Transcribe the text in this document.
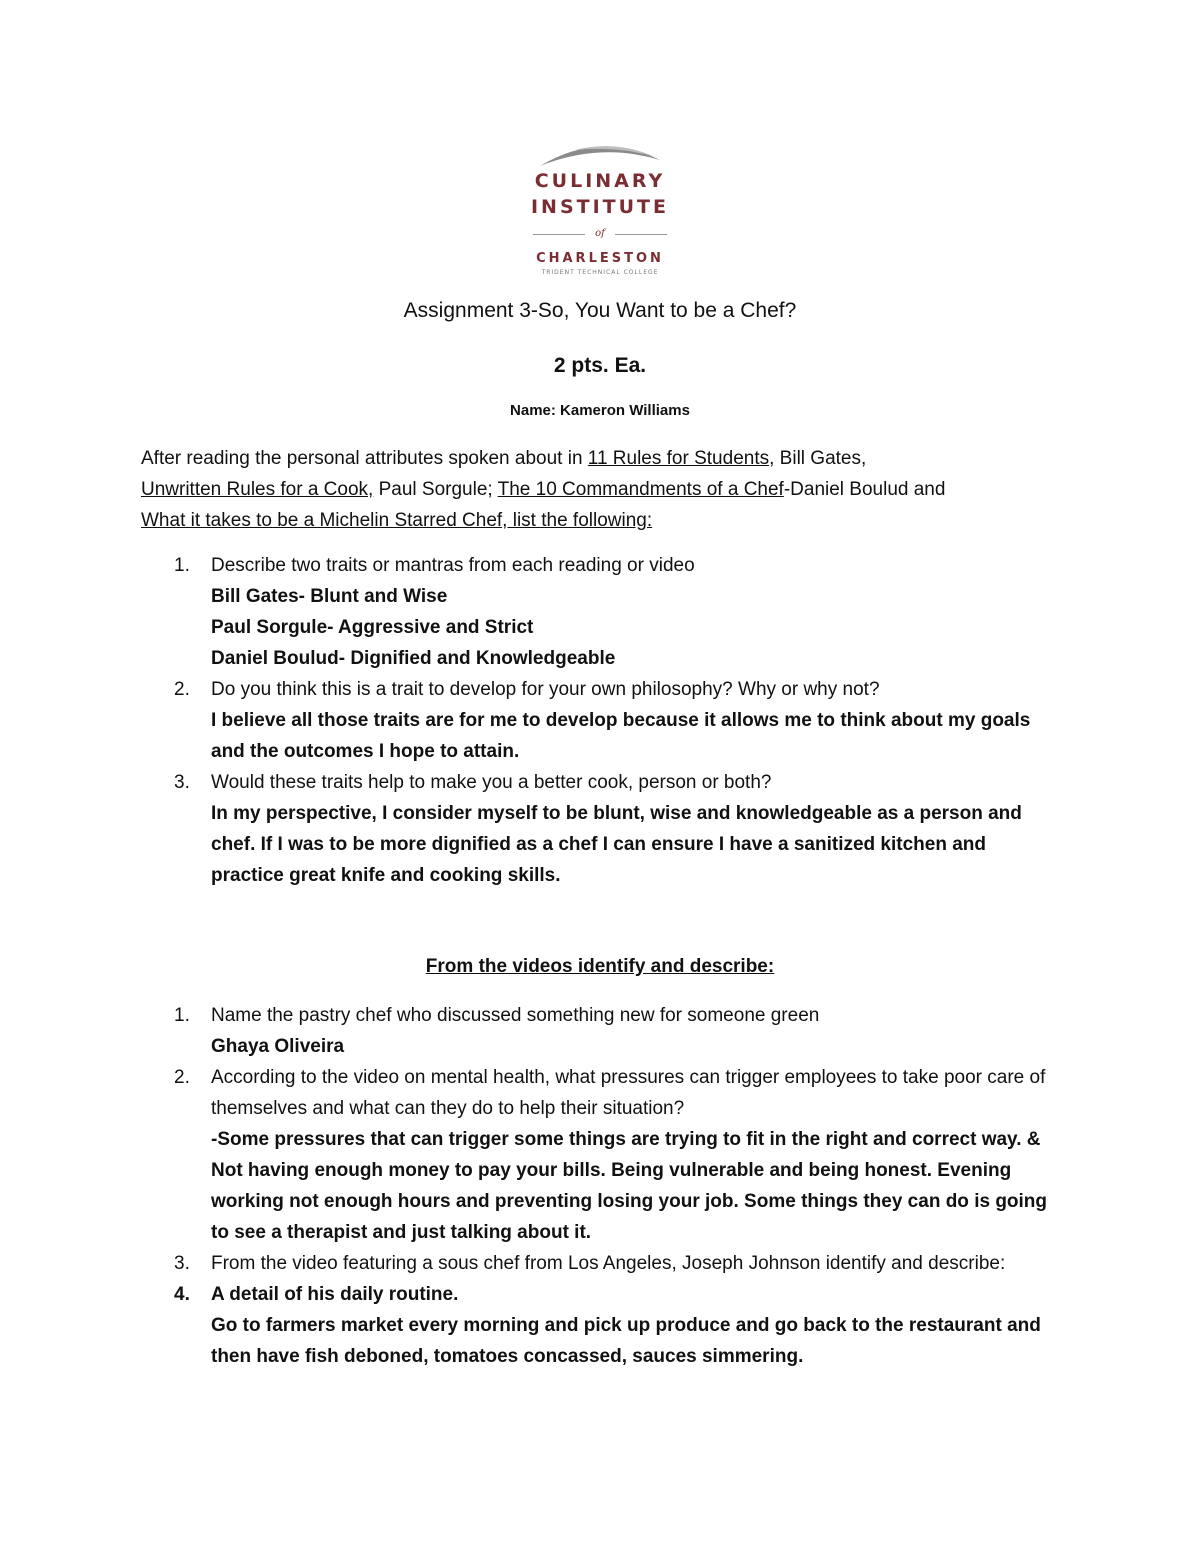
CULINARY
INSTITUTE
of
CHARLESTON
TRIDENT TECHNICAL COLLEGE
Assignment 3-So, You Want to be a Chef?
2 pts. Ea.
Name: Kameron Williams
After reading the personal attributes spoken about in 11 Rules for Students, Bill Gates,
Unwritten Rules for a Cook, Paul Sorgule; The 10 Commandments of a Chef-Daniel Boulud and
What it takes to be a Michelin Starred Chef, list the following:
1. Describe two traits or mantras from each reading or video
Bill Gates- Blunt and Wise
Paul Sorgule- Aggressive and Strict
Daniel Boulud- Dignified and Knowledgeable
2. Do you think this is a trait to develop for your own philosophy? Why or why not?
I believe all those traits are for me to develop because it allows me to think about my goals and the outcomes I hope to attain.
3. Would these traits help to make you a better cook, person or both?
In my perspective, I consider myself to be blunt, wise and knowledgeable as a person and chef. If I was to be more dignified as a chef I can ensure I have a sanitized kitchen and practice great knife and cooking skills.
From the videos identify and describe:
1. Name the pastry chef who discussed something new for someone green
Ghaya Oliveira
2. According to the video on mental health, what pressures can trigger employees to take poor care of themselves and what can they do to help their situation?
-Some pressures that can trigger some things are trying to fit in the right and correct way. & Not having enough money to pay your bills. Being vulnerable and being honest. Evening working not enough hours and preventing losing your job. Some things they can do is going to see a therapist and just talking about it.
3. From the video featuring a sous chef from Los Angeles, Joseph Johnson identify and describe:
4. A detail of his daily routine.
Go to farmers market every morning and pick up produce and go back to the restaurant and then have fish deboned, tomatoes concassed, sauces simmering.
